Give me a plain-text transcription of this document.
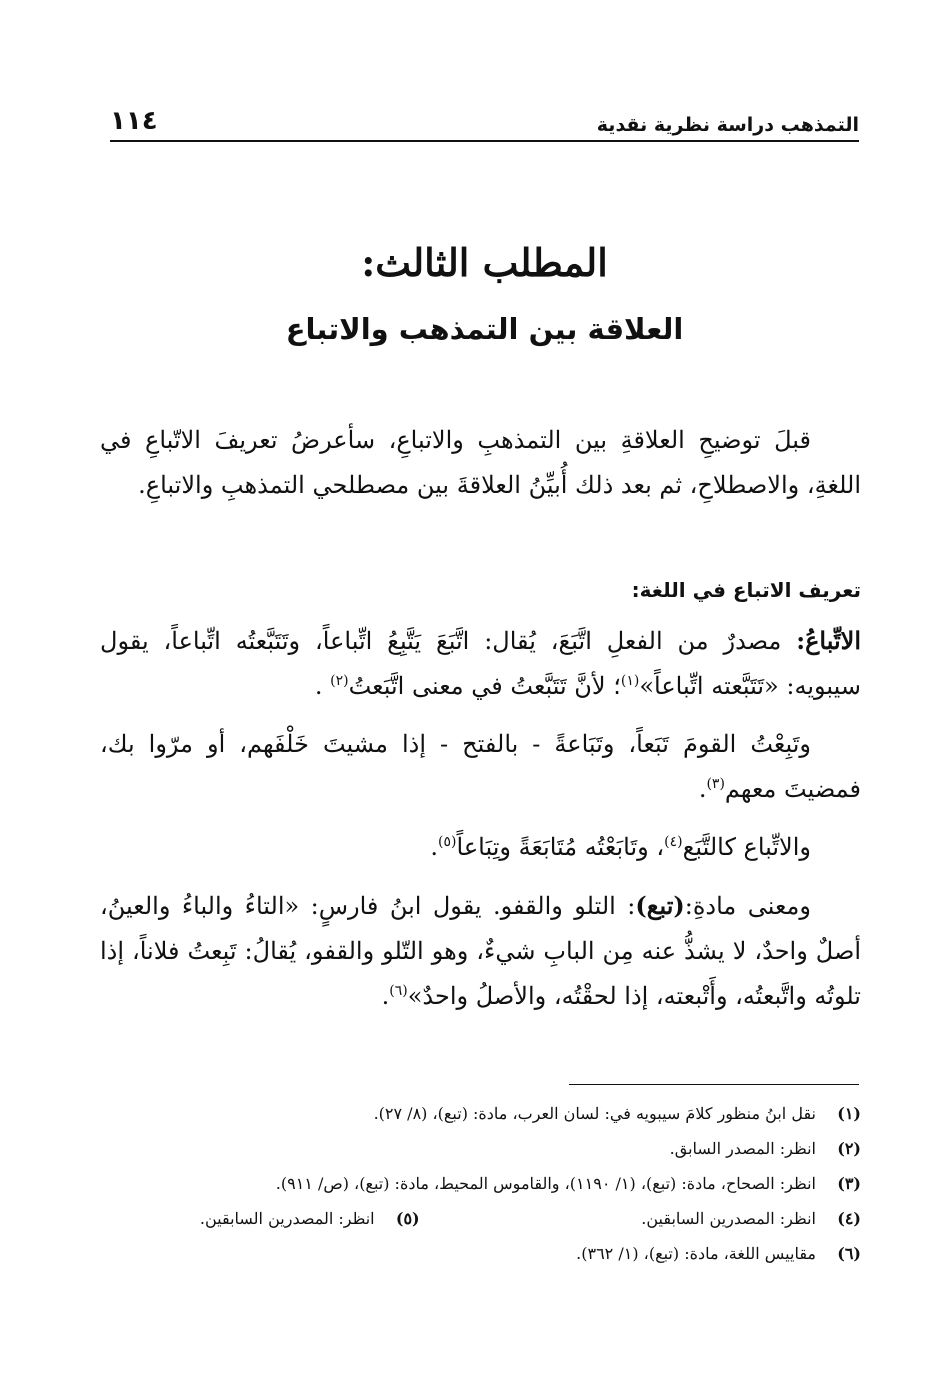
التمذهب دراسة نظرية نقدية
١١٤
المطلب الثالث:
العلاقة بين التمذهب والاتباع

قبلَ توضيحِ العلاقةِ بين التمذهبِ والاتباعِ، سأعرضُ تعريفَ الاتّباعِ في اللغةِ، والاصطلاحِ، ثم بعد ذلك أُبيِّنُ العلاقةَ بين مصطلحي التمذهبِ والاتباعِ.

تعريف الاتباع في اللغة:

الاتِّباعُ: مصدرٌ من الفعلِ اتَّبَعَ، يُقال: اتَّبَعَ يَتَّبِعُ اتِّباعاً، وتَتَبَّعتُه اتِّباعاً، يقول سيبويه: «تَتَبَّعته اتِّباعاً»$^{(١)}$؛ لأنَّ تَتَبَّعتُ في معنى اتَّبَعتُ$^{(٢)}$ .

وتَبِعْتُ القومَ تَبَعاً، وتَبَاعةً - بالفتح - إذا مشيتَ خَلْفَهم، أو مرّوا بك، فمضيتَ معهم$^{(٣)}$.

والاتِّباع كالتَّبَع$^{(٤)}$، وتَابَعْتُه مُتَابَعَةً وتِبَاعاً$^{(٥)}$.

ومعنى مادةِ:(تبع): التلو والقفو. يقول ابنُ فارسٍ: «التاءُ والباءُ والعينُ، أصلٌ واحدٌ، لا يشذُّ عنه مِن البابِ شيءٌ، وهو التّلو والقفو، يُقالُ: تَبِعتُ فلاناً، إذا تلوتُه واتَّبعتُه، وأَتْبعته، إذا لحقْتُه، والأصلُ واحدٌ»$^{(٦)}$.

(١)
نقل ابنُ منظور كلامَ سيبويه في: لسان العرب، مادة: (تبع)، (٨/ ٢٧).
(٢)
انظر: المصدر السابق.
(٣)
انظر: الصحاح، مادة: (تبع)، (١/ ١١٩٠)، والقاموس المحيط، مادة: (تبع)، (ص/ ٩١١).
(٤)
انظر: المصدرين السابقين.
(٥)
انظر: المصدرين السابقين.
(٦)
مقاييس اللغة، مادة: (تبع)، (١/ ٣٦٢).
